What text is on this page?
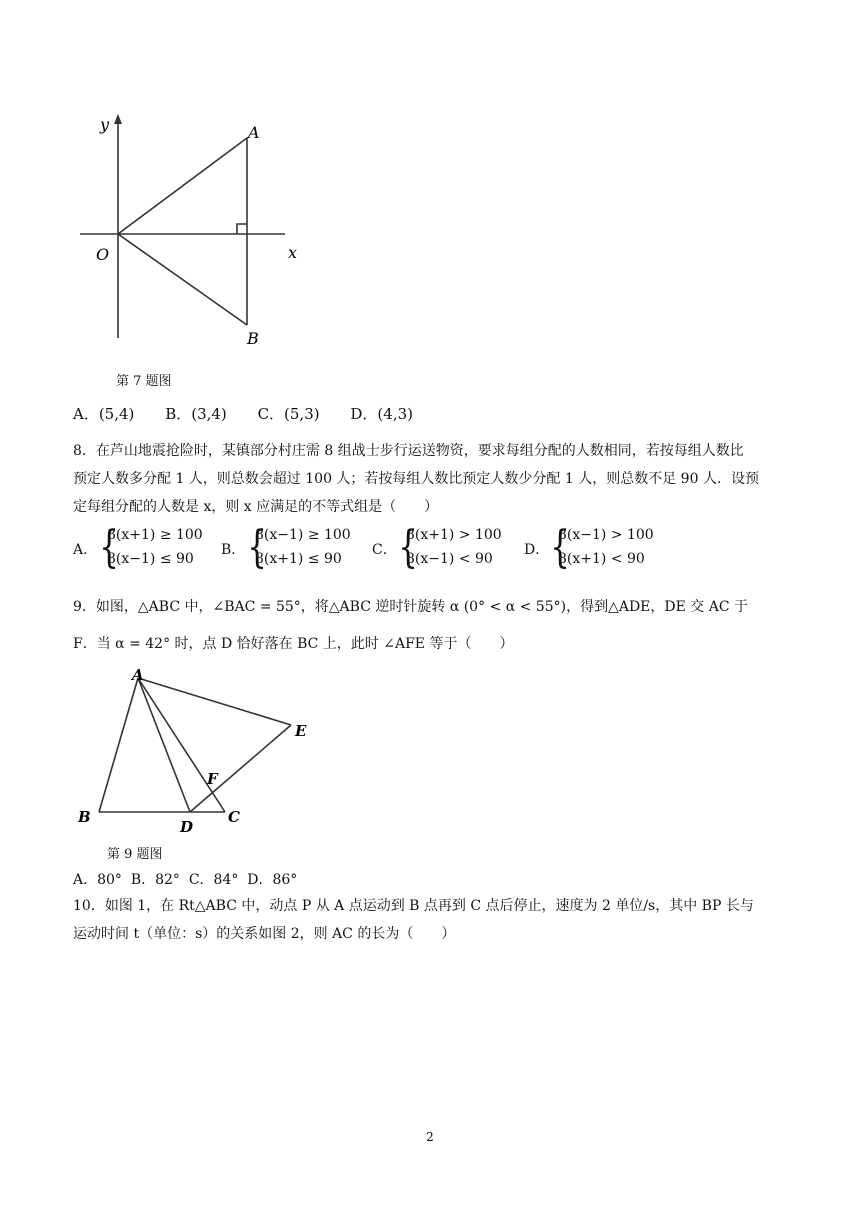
y	A
O	x
B
第 7 题图
A．(5,4) B．(3,4) C．(5,3) D．(4,3)
8．在芦山地震抢险时，某镇部分村庄需 8 组战士步行运送物资，要求每组分配的人数相同，若按每组人数比
预定人数多分配 1 人，则总数会超过 100 人；若按每组人数比预定人数少分配 1 人，则总数不足 90 人．设预
定每组分配的人数是 x，则 x 应满足的不等式组是（　　）
A． {
8(x+1) ≥ 100
8(x−1) ≤ 90
B． {
8(x−1) ≥ 100
8(x+1) ≤ 90
C． {
8(x+1) > 100
8(x−1) < 90
D． {
8(x−1) > 100
8(x+1) < 90
9．如图，△ABC 中，∠BAC = 55°，将△ABC 逆时针旋转 α (0° < α < 55°)，得到△ADE，DE 交 AC 于
F．当 α = 42° 时，点 D 恰好落在 BC 上，此时 ∠AFE 等于（　　）
A
E
F
B
D
C
第 9 题图
A．80°  B．82°  C．84°  D．86°
10．如图 1，在 Rt△ABC 中，动点 P 从 A 点运动到 B 点再到 C 点后停止，速度为 2 单位/s，其中 BP 长与
运动时间 t（单位：s）的关系如图 2，则 AC 的长为（　　）
2
